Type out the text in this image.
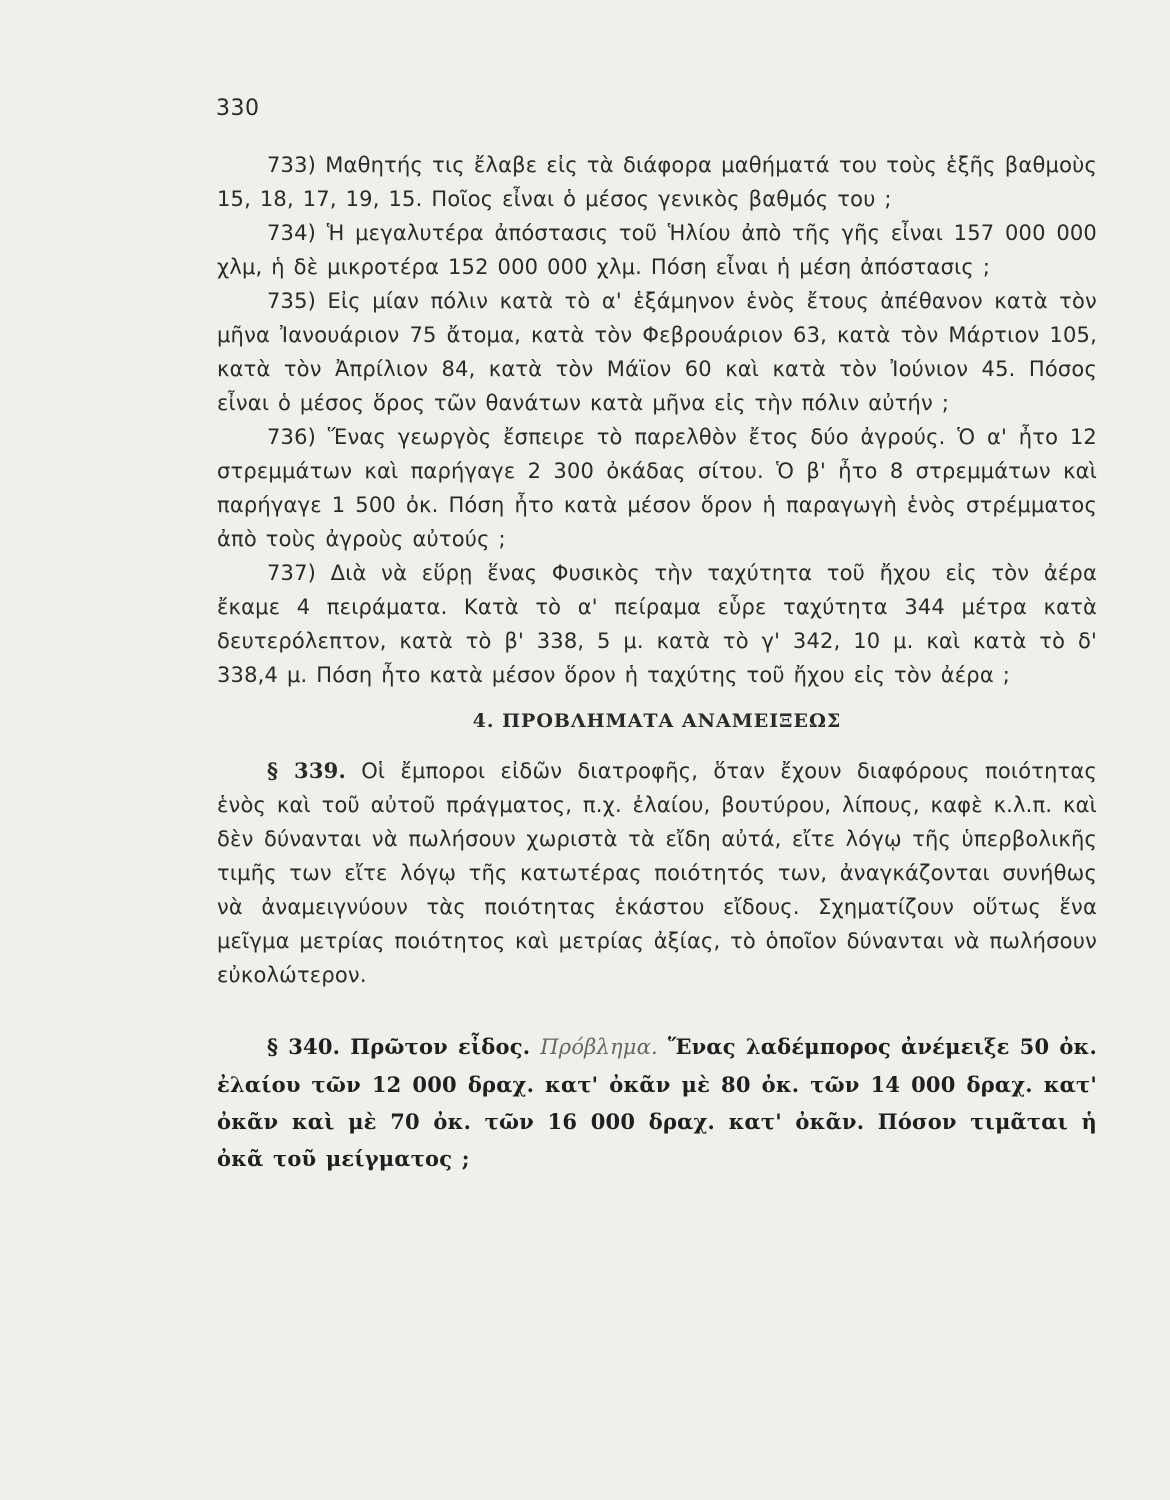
330

733) Μαθητής τις ἔλαβε εἰς τὰ διάφορα μαθήματά του τοὺς ἑξῆς βαθμοὺς 15, 18, 17, 19, 15. Ποῖος εἶναι ὁ μέσος γενικὸς βαθμός του ;

734) Ἡ μεγαλυτέρα ἀπόστασις τοῦ Ἡλίου ἀπὸ τῆς γῆς εἶναι 157 000 000 χλμ, ἡ δὲ μικροτέρα 152 000 000 χλμ. Πόση εἶναι ἡ μέση ἀπόστασις ;

735) Εἰς μίαν πόλιν κατὰ τὸ α' ἑξάμηνον ἑνὸς ἔτους ἀπέθανον κατὰ τὸν μῆνα Ἰανουάριον 75 ἄτομα, κατὰ τὸν Φεβρουάριον 63, κατὰ τὸν Μάρτιον 105, κατὰ τὸν Ἀπρίλιον 84, κατὰ τὸν Μάϊον 60 καὶ κατὰ τὸν Ἰούνιον 45. Πόσος εἶναι ὁ μέσος ὅρος τῶν θανάτων κατὰ μῆνα εἰς τὴν πόλιν αὐτήν ;

736) Ἕνας γεωργὸς ἔσπειρε τὸ παρελθὸν ἔτος δύο ἀγρούς. Ὁ α' ἦτο 12 στρεμμάτων καὶ παρήγαγε 2 300 ὀκάδας σίτου. Ὁ β' ἦτο 8 στρεμμάτων καὶ παρήγαγε 1 500 ὀκ. Πόση ἦτο κατὰ μέσον ὅρον ἡ παραγωγὴ ἑνὸς στρέμματος ἀπὸ τοὺς ἀγροὺς αὐτούς ;

737) Διὰ νὰ εὕρῃ ἕνας Φυσικὸς τὴν ταχύτητα τοῦ ἤχου εἰς τὸν ἀέρα ἔκαμε 4 πειράματα. Κατὰ τὸ α' πείραμα εὗρε ταχύτητα 344 μέτρα κατὰ δευτερόλεπτον, κατὰ τὸ β' 338, 5 μ. κατὰ τὸ γ' 342, 10 μ. καὶ κατὰ τὸ δ' 338,4 μ. Πόση ἦτο κατὰ μέσον ὅρον ἡ ταχύτης τοῦ ἤχου εἰς τὸν ἀέρα ;

4. ΠΡΟΒΛΗΜΑΤΑ ΑΝΑΜΕΙΞΕΩΣ

§ 339. Οἱ ἔμποροι εἰδῶν διατροφῆς, ὅταν ἔχουν διαφόρους ποιότητας ἑνὸς καὶ τοῦ αὐτοῦ πράγματος, π.χ. ἐλαίου, βουτύρου, λίπους, καφὲ κ.λ.π. καὶ δὲν δύνανται νὰ πωλήσουν χωριστὰ τὰ εἴδη αὐτά, εἴτε λόγῳ τῆς ὑπερβολικῆς τιμῆς των εἴτε λόγῳ τῆς κατωτέρας ποιότητός των, ἀναγκάζονται συνήθως νὰ ἀναμειγνύουν τὰς ποιότητας ἑκάστου εἴδους. Σχηματίζουν οὕτως ἕνα μεῖγμα μετρίας ποιότητος καὶ μετρίας ἀξίας, τὸ ὁποῖον δύνανται νὰ πωλήσουν εὐκολώτερον.

§ 340. Πρῶτον εἶδος. Πρόβλημα. Ἕνας λαδέμπορος ἀνέμειξε 50 ὀκ. ἐλαίου τῶν 12 000 δραχ. κατ' ὀκᾶν μὲ 80 ὀκ. τῶν 14 000 δραχ. κατ' ὀκᾶν καὶ μὲ 70 ὀκ. τῶν 16 000 δραχ. κατ' ὀκᾶν. Πόσον τιμᾶται ἡ ὀκᾶ τοῦ μείγματος ;
